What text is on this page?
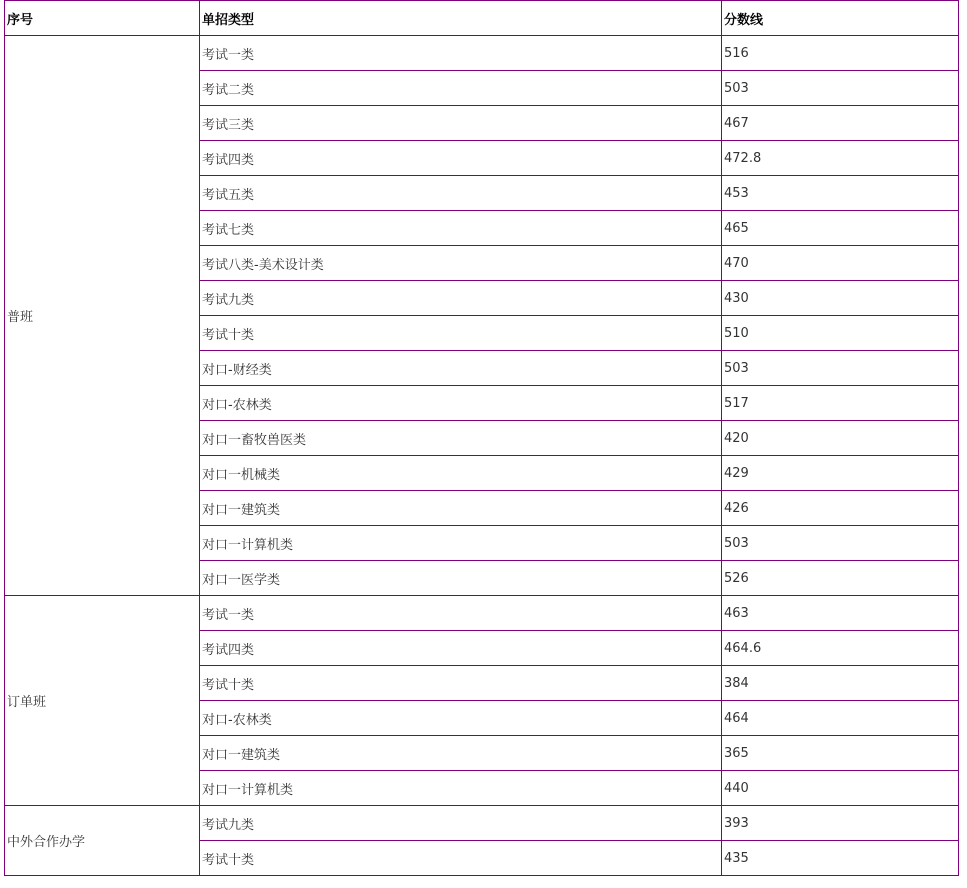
序号	单招类型	分数线
普班	考试一类	516
	考试二类	503
	考试三类	467
	考试四类	472.8
	考试五类	453
	考试七类	465
	考试八类-美术设计类	470
	考试九类	430
	考试十类	510
	对口-财经类	503
	对口-农林类	517
	对口一畜牧兽医类	420
	对口一机械类	429
	对口一建筑类	426
	对口一计算机类	503
	对口一医学类	526
订单班	考试一类	463
	考试四类	464.6
	考试十类	384
	对口-农林类	464
	对口一建筑类	365
	对口一计算机类	440
中外合作办学	考试九类	393
	考试十类	435
